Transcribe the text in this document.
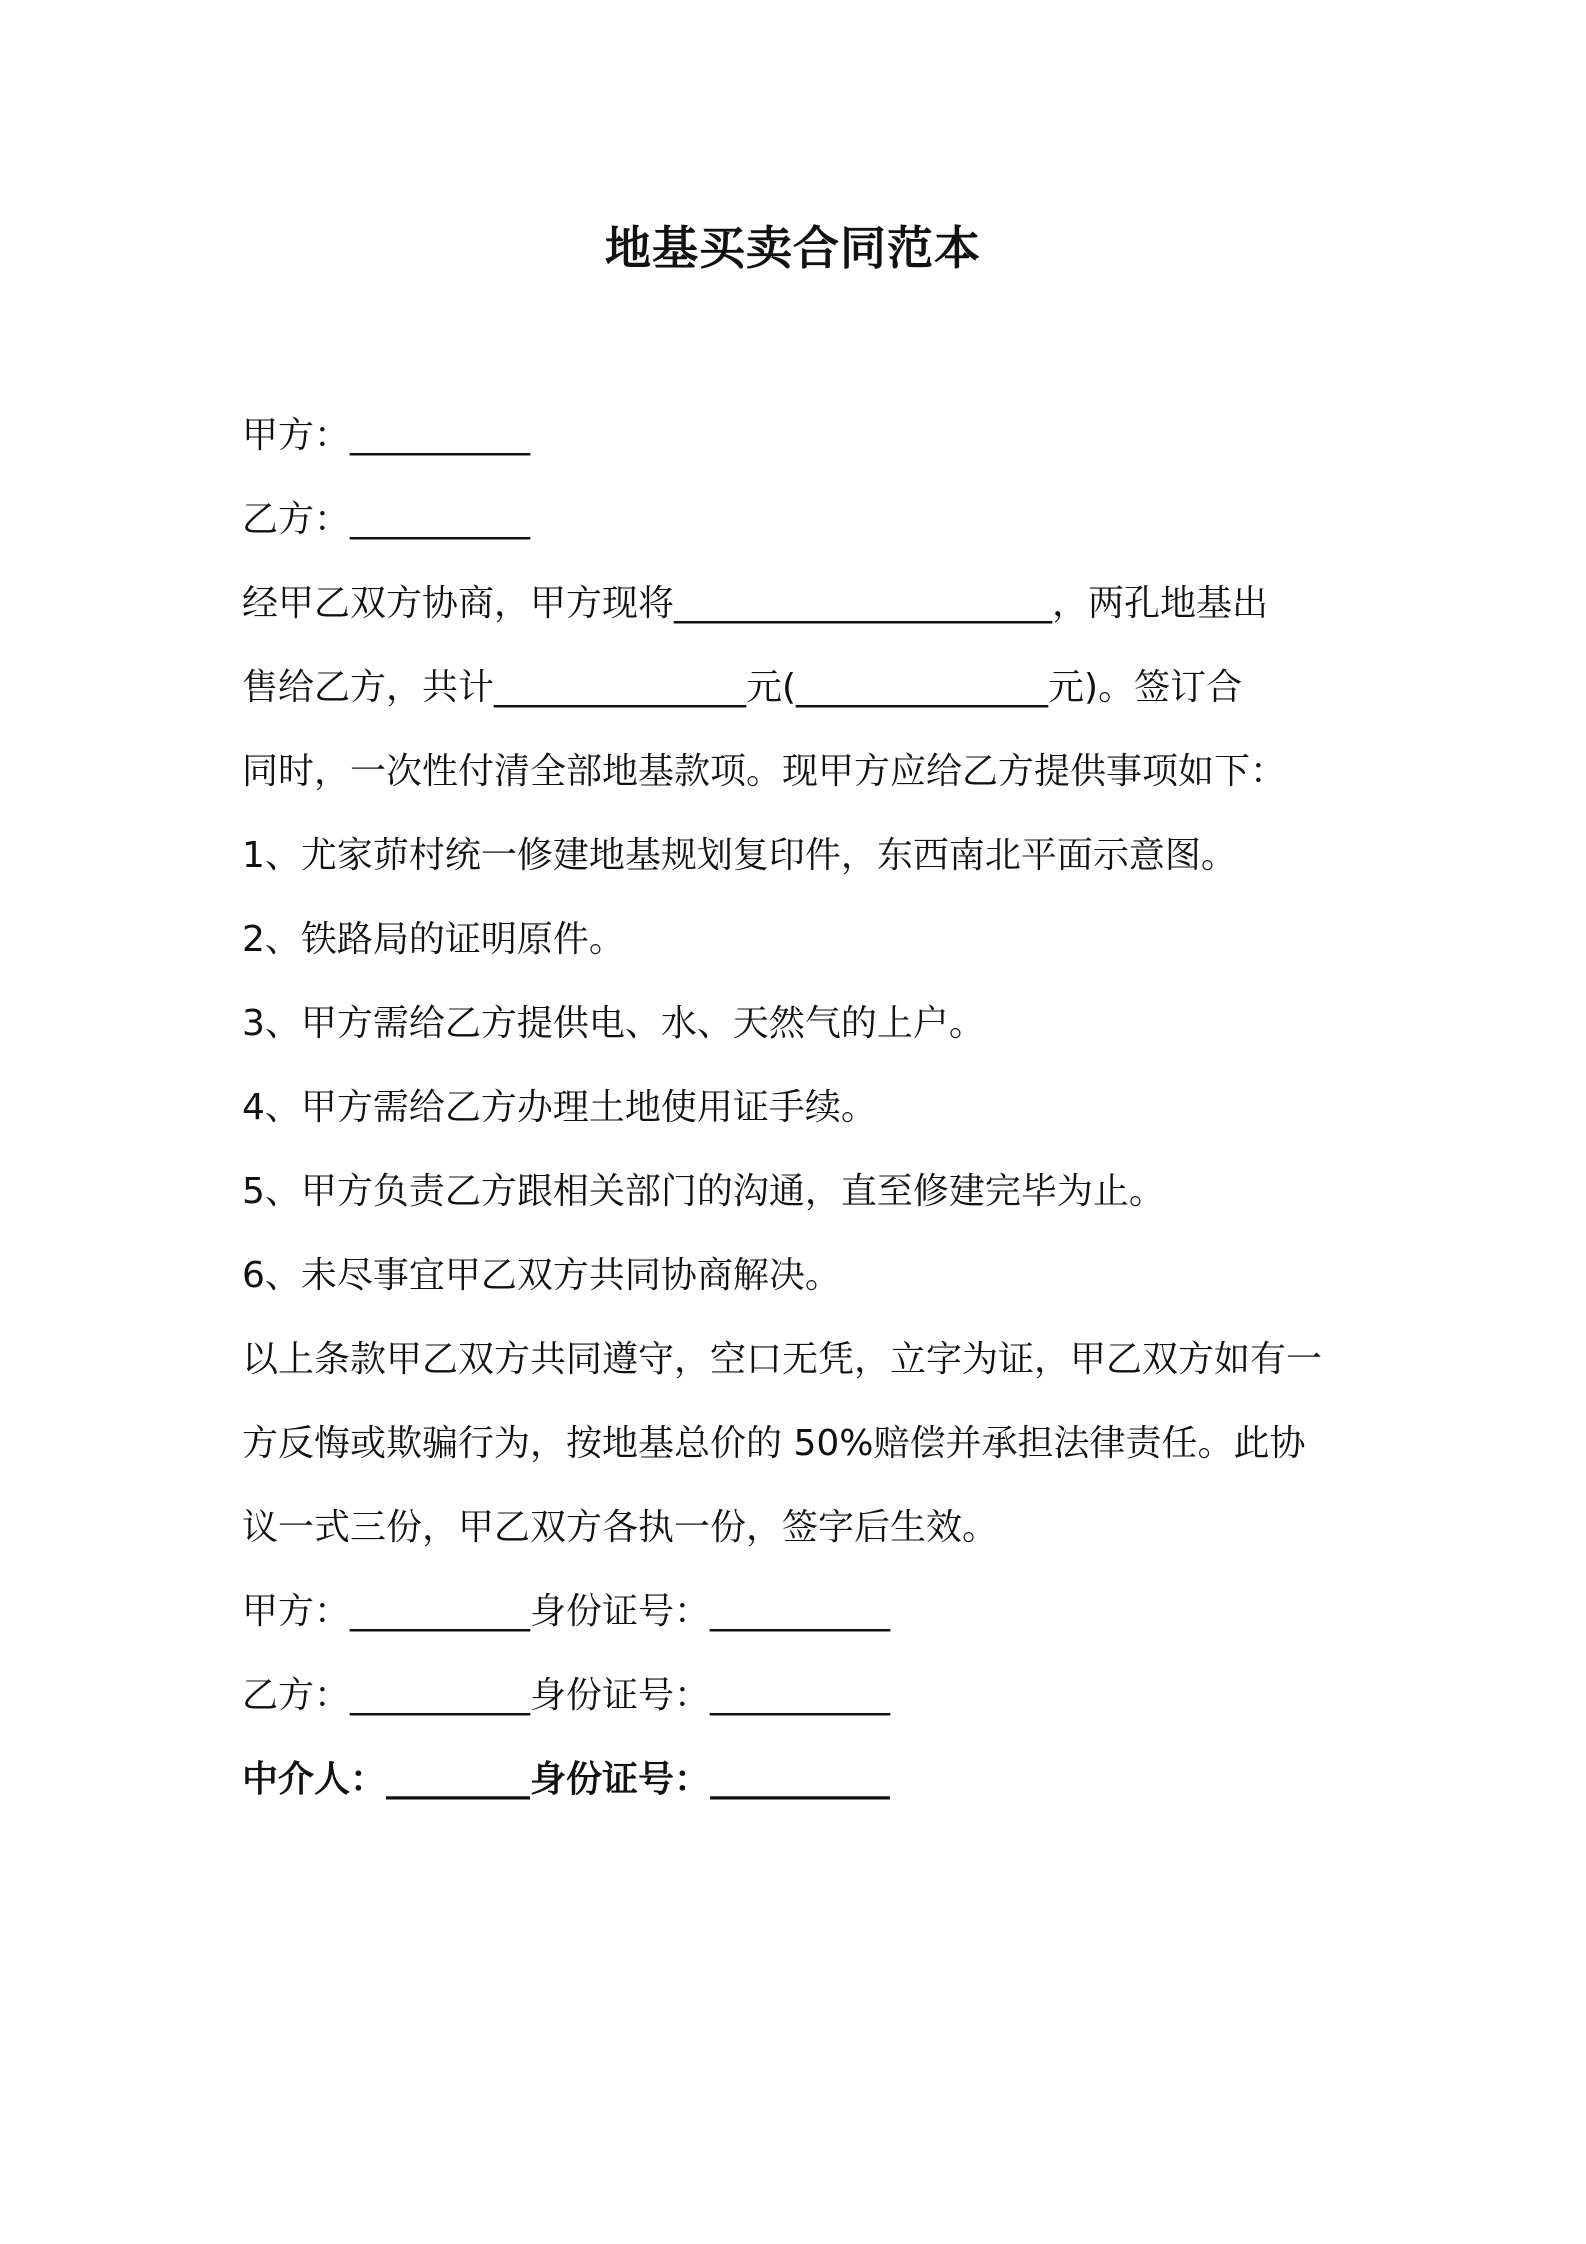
地基买卖合同范本
甲方：__________
乙方：__________
经甲乙双方协商，甲方现将_____________________，两孔地基出
售给乙方，共计______________元(______________元)。签订合
同时，一次性付清全部地基款项。现甲方应给乙方提供事项如下：
1、尤家茆村统一修建地基规划复印件，东西南北平面示意图。
2、铁路局的证明原件。
3、甲方需给乙方提供电、水、天然气的上户。
4、甲方需给乙方办理土地使用证手续。
5、甲方负责乙方跟相关部门的沟通，直至修建完毕为止。
6、未尽事宜甲乙双方共同协商解决。
以上条款甲乙双方共同遵守，空口无凭，立字为证，甲乙双方如有一
方反悔或欺骗行为，按地基总价的 50%赔偿并承担法律责任。此协
议一式三份，甲乙双方各执一份，签字后生效。
甲方：__________身份证号：__________
乙方：__________身份证号：__________
中介人：________身份证号：__________
